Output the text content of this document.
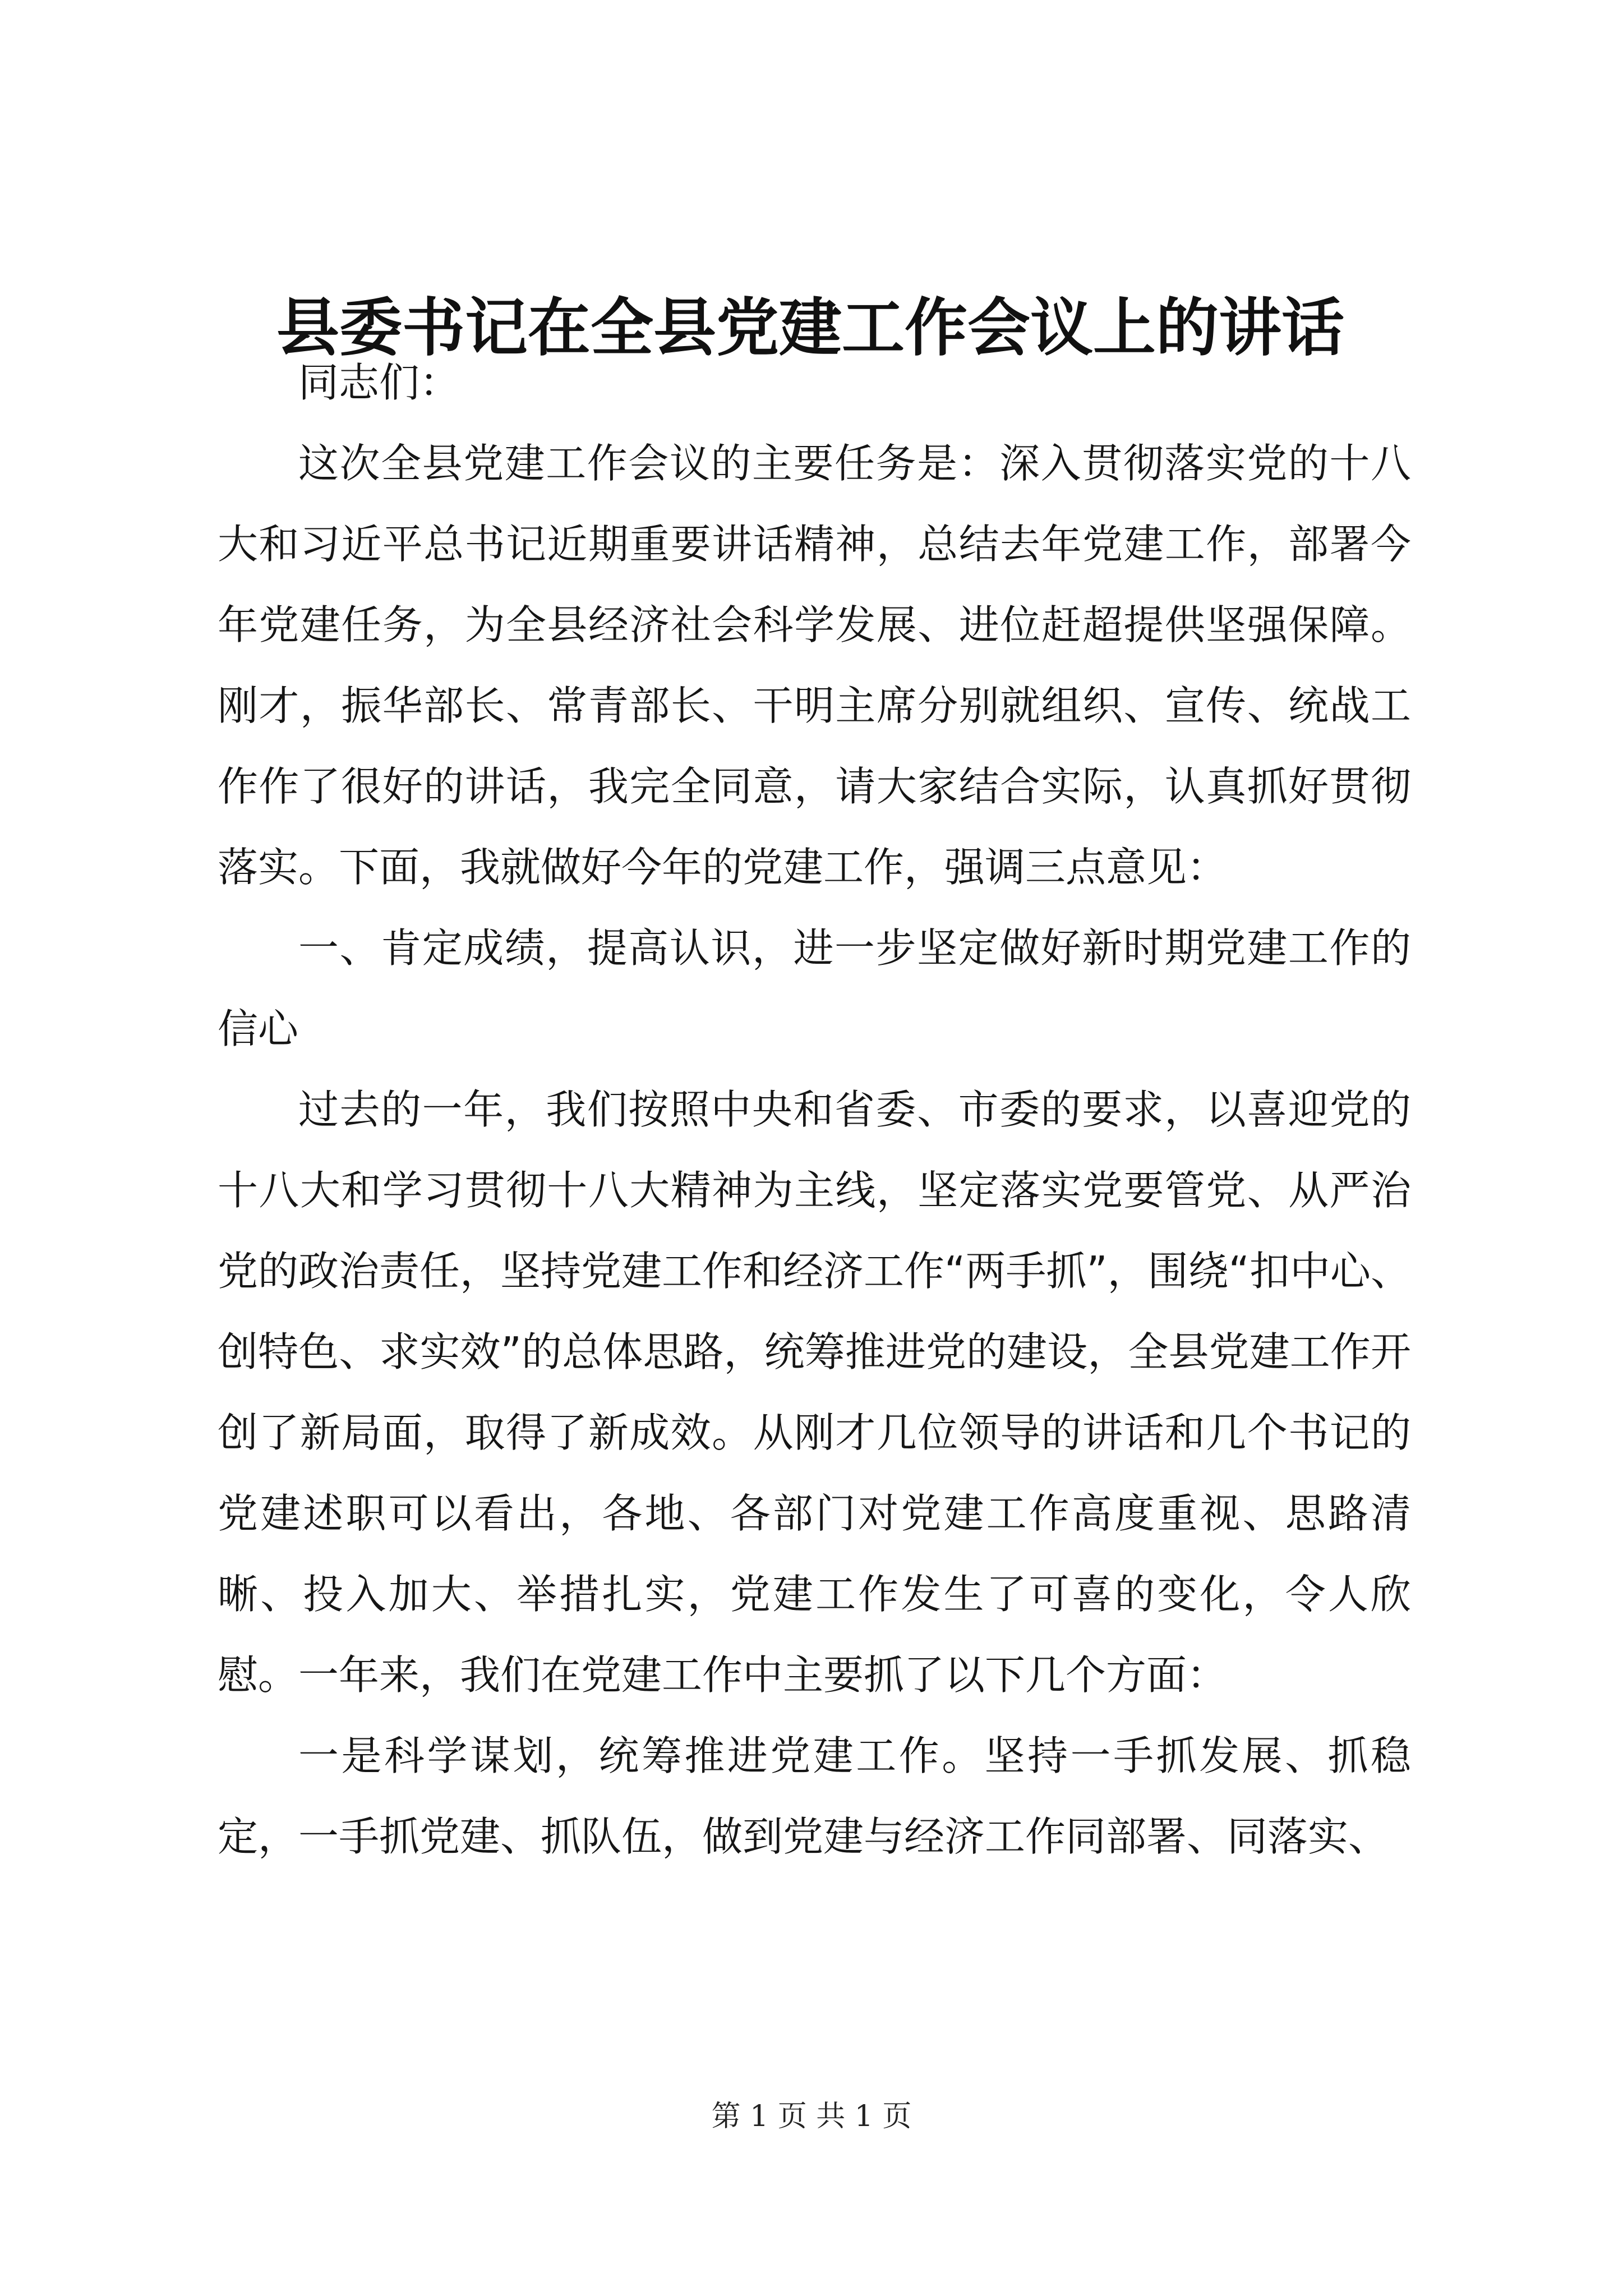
县委书记在全县党建工作会议上的讲话

同志们：

这次全县党建工作会议的主要任务是：深入贯彻落实党的十八大和习近平总书记近期重要讲话精神，总结去年党建工作，部署今年党建任务，为全县经济社会科学发展、进位赶超提供坚强保障。刚才，振华部长、常青部长、干明主席分别就组织、宣传、统战工作作了很好的讲话，我完全同意，请大家结合实际，认真抓好贯彻落实。下面，我就做好今年的党建工作，强调三点意见：

一、肯定成绩，提高认识，进一步坚定做好新时期党建工作的信心

过去的一年，我们按照中央和省委、市委的要求，以喜迎党的十八大和学习贯彻十八大精神为主线，坚定落实党要管党、从严治党的政治责任，坚持党建工作和经济工作“两手抓”，围绕“扣中心、创特色、求实效”的总体思路，统筹推进党的建设，全县党建工作开创了新局面，取得了新成效。从刚才几位领导的讲话和几个书记的党建述职可以看出，各地、各部门对党建工作高度重视、思路清晰、投入加大、举措扎实，党建工作发生了可喜的变化，令人欣慰。一年来，我们在党建工作中主要抓了以下几个方面：

一是科学谋划，统筹推进党建工作。坚持一手抓发展、抓稳定，一手抓党建、抓队伍，做到党建与经济工作同部署、同落实、

第 1 页 共 1 页
